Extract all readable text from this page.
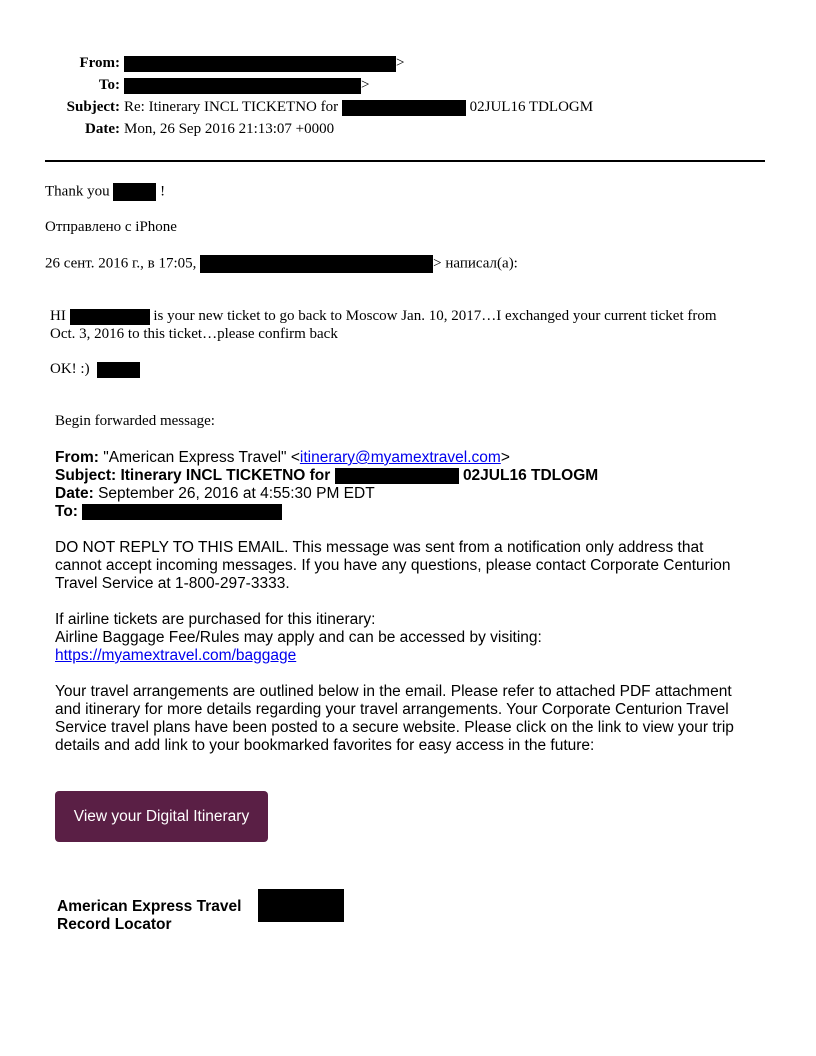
From:	>
To:	>
Subject: Re: Itinerary INCL TICKETNO for	02JUL16 TDLOGM
Date: Mon, 26 Sep 2016 21:13:07 +0000
Thank you	!
Отправлено с iPhone
26 сент. 2016 г., в 17:05,	> написал(а):
HI	is your new ticket to go back to Moscow Jan. 10, 2017…I exchanged your current ticket from
Oct. 3, 2016 to this ticket…please confirm back
OK! :)
Begin forwarded message:
From: "American Express Travel" <itinerary@myamextravel.com>
Subject: Itinerary INCL TICKETNO for	02JUL16 TDLOGM
Date: September 26, 2016 at 4:55:30 PM EDT
To:
DO NOT REPLY TO THIS EMAIL. This message was sent from a notification only address that
cannot accept incoming messages. If you have any questions, please contact Corporate Centurion
Travel Service at 1-800-297-3333.
If airline tickets are purchased for this itinerary:
Airline Baggage Fee/Rules may apply and can be accessed by visiting:
https://myamextravel.com/baggage
Your travel arrangements are outlined below in the email. Please refer to attached PDF attachment
and itinerary for more details regarding your travel arrangements. Your Corporate Centurion Travel
Service travel plans have been posted to a secure website. Please click on the link to view your trip
details and add link to your bookmarked favorites for easy access in the future:
View your Digital Itinerary
American Express Travel
Record Locator
